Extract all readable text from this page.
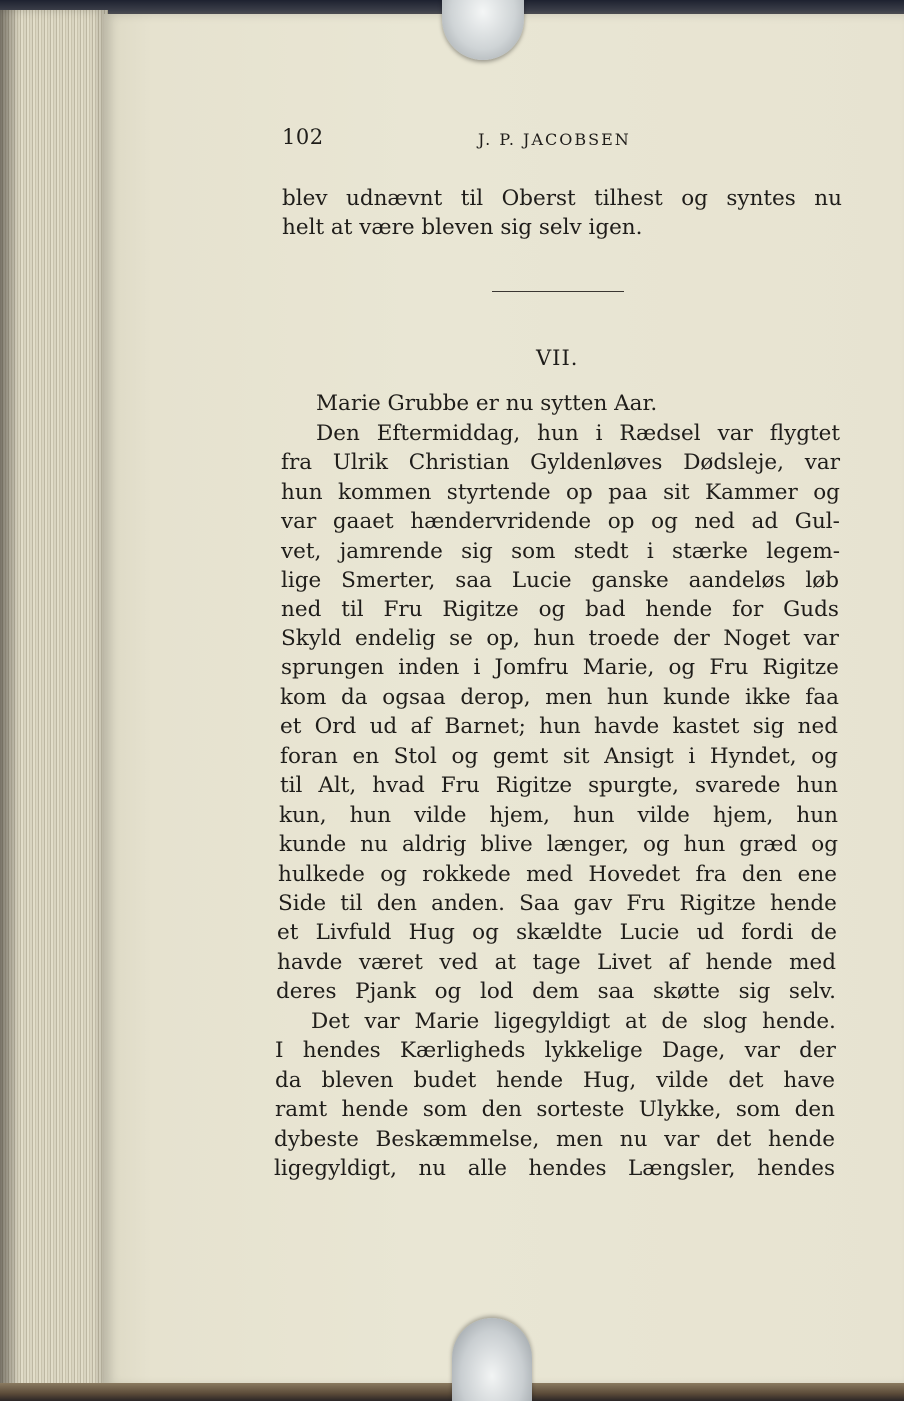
102	J. P. JACOBSEN
VII.
blev udnævnt til Oberst tilhest og syntes nu
helt at være bleven sig selv igen.
Marie Grubbe er nu sytten Aar.
Den Eftermiddag, hun i Rædsel var flygtet
fra Ulrik Christian Gyldenløves Dødsleje, var
hun kommen styrtende op paa sit Kammer og
var gaaet hændervridende op og ned ad Gul-
vet, jamrende sig som stedt i stærke legem-
lige Smerter, saa Lucie ganske aandeløs løb
ned til Fru Rigitze og bad hende for Guds
Skyld endelig se op, hun troede der Noget var
sprungen inden i Jomfru Marie, og Fru Rigitze
kom da ogsaa derop, men hun kunde ikke faa
et Ord ud af Barnet; hun havde kastet sig ned
foran en Stol og gemt sit Ansigt i Hyndet, og
til Alt, hvad Fru Rigitze spurgte, svarede hun
kun, hun vilde hjem, hun vilde hjem, hun
kunde nu aldrig blive længer, og hun græd og
hulkede og rokkede med Hovedet fra den ene
Side til den anden. Saa gav Fru Rigitze hende
et Livfuld Hug og skældte Lucie ud fordi de
havde været ved at tage Livet af hende med
deres Pjank og lod dem saa skøtte sig selv.
Det var Marie ligegyldigt at de slog hende.
I hendes Kærligheds lykkelige Dage, var der
da bleven budet hende Hug, vilde det have
ramt hende som den sorteste Ulykke, som den
dybeste Beskæmmelse, men nu var det hende
ligegyldigt, nu alle hendes Længsler, hendes
